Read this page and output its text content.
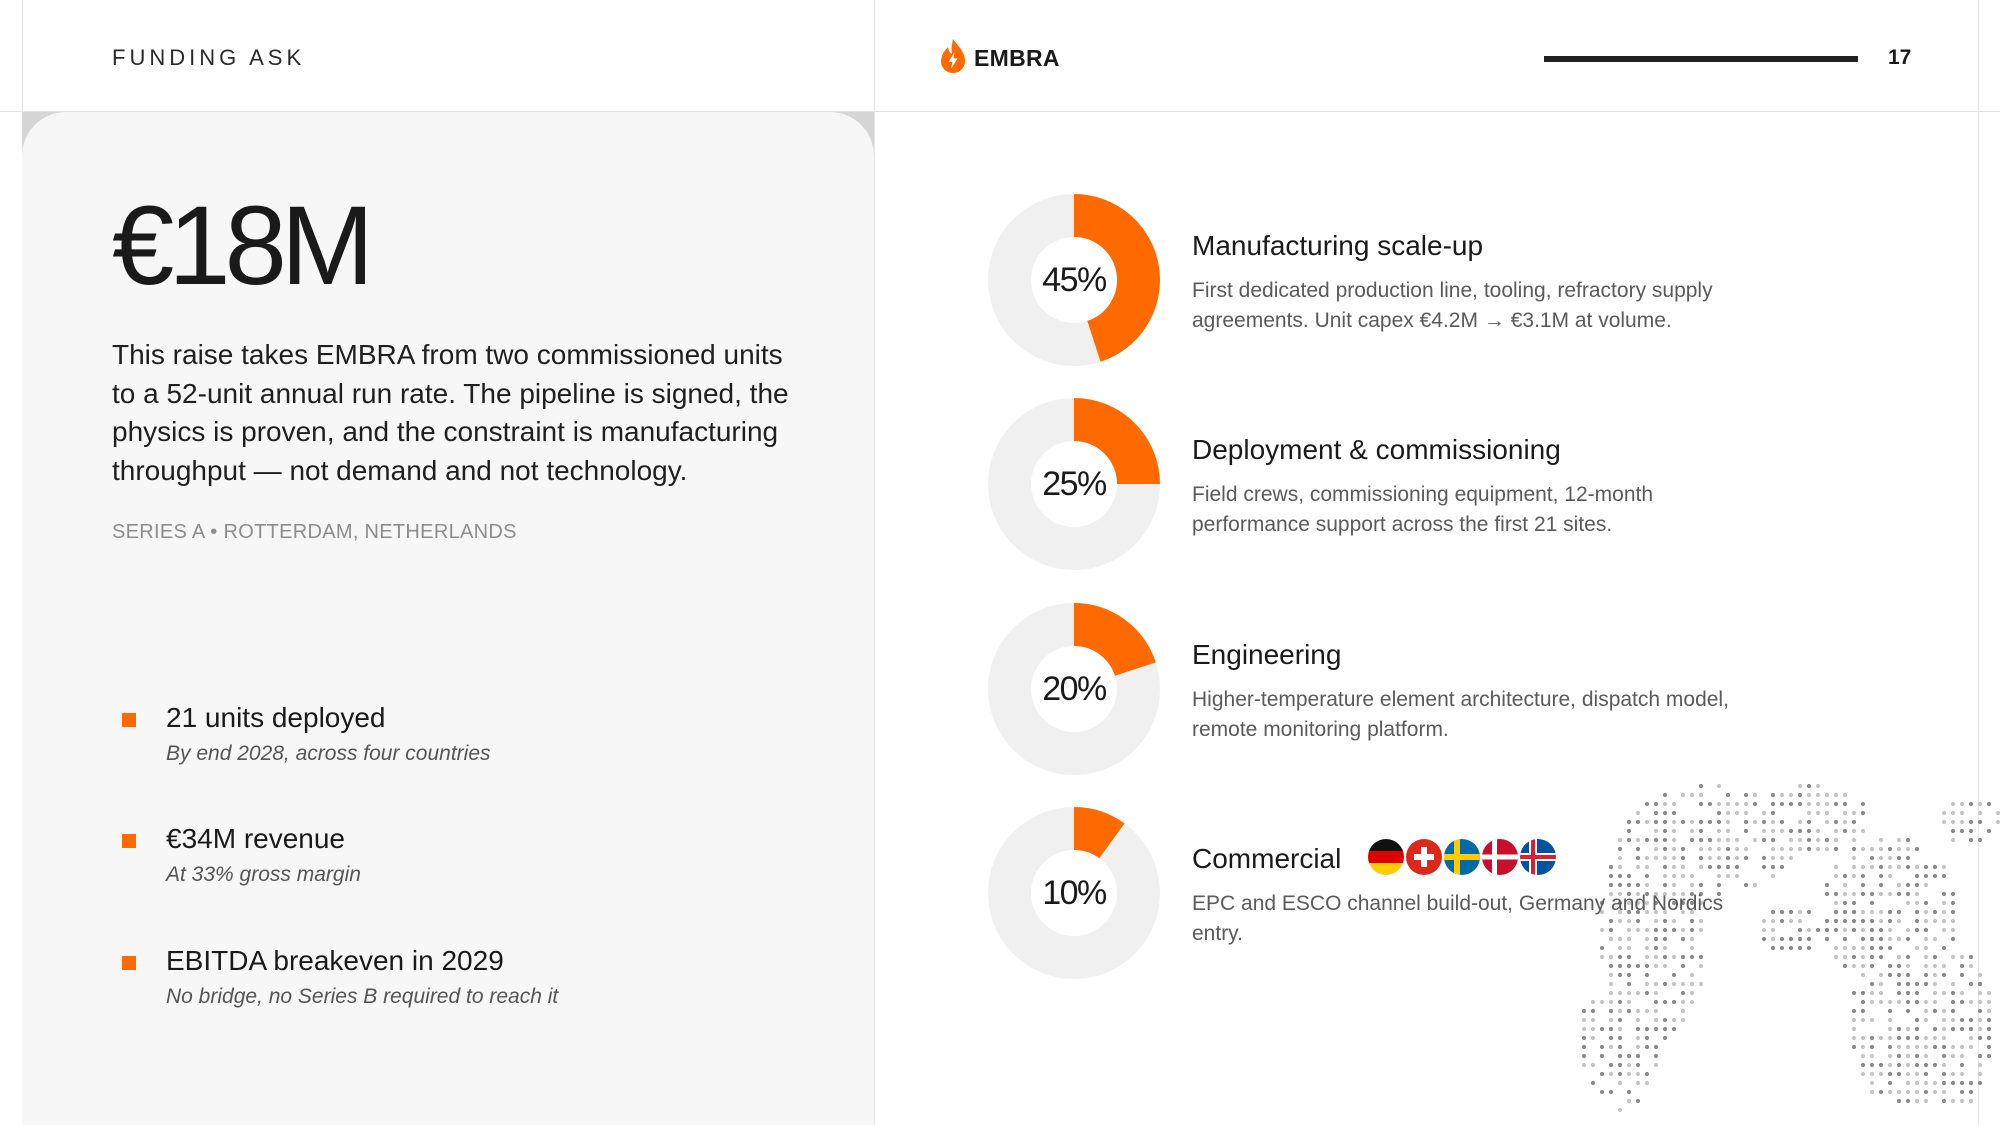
FUNDING ASK	EMBRA	17
€18M
This raise takes EMBRA from two commissioned units to a 52-unit annual run rate. The pipeline is signed, the physics is proven, and the constraint is manufacturing throughput — not demand and not technology.
SERIES A • ROTTERDAM, NETHERLANDS
21 units deployed
By end 2028, across four countries
€34M revenue
At 33% gross margin
EBITDA breakeven in 2029
No bridge, no Series B required to reach it
45%
Manufacturing scale-up
First dedicated production line, tooling, refractory supply agreements. Unit capex €4.2M → €3.1M at volume.
25%
Deployment & commissioning
Field crews, commissioning equipment, 12-month performance support across the first 21 sites.
20%
Engineering
Higher-temperature element architecture, dispatch model, remote monitoring platform.
10%
Commercial
EPC and ESCO channel build-out, Germany and Nordics entry.
